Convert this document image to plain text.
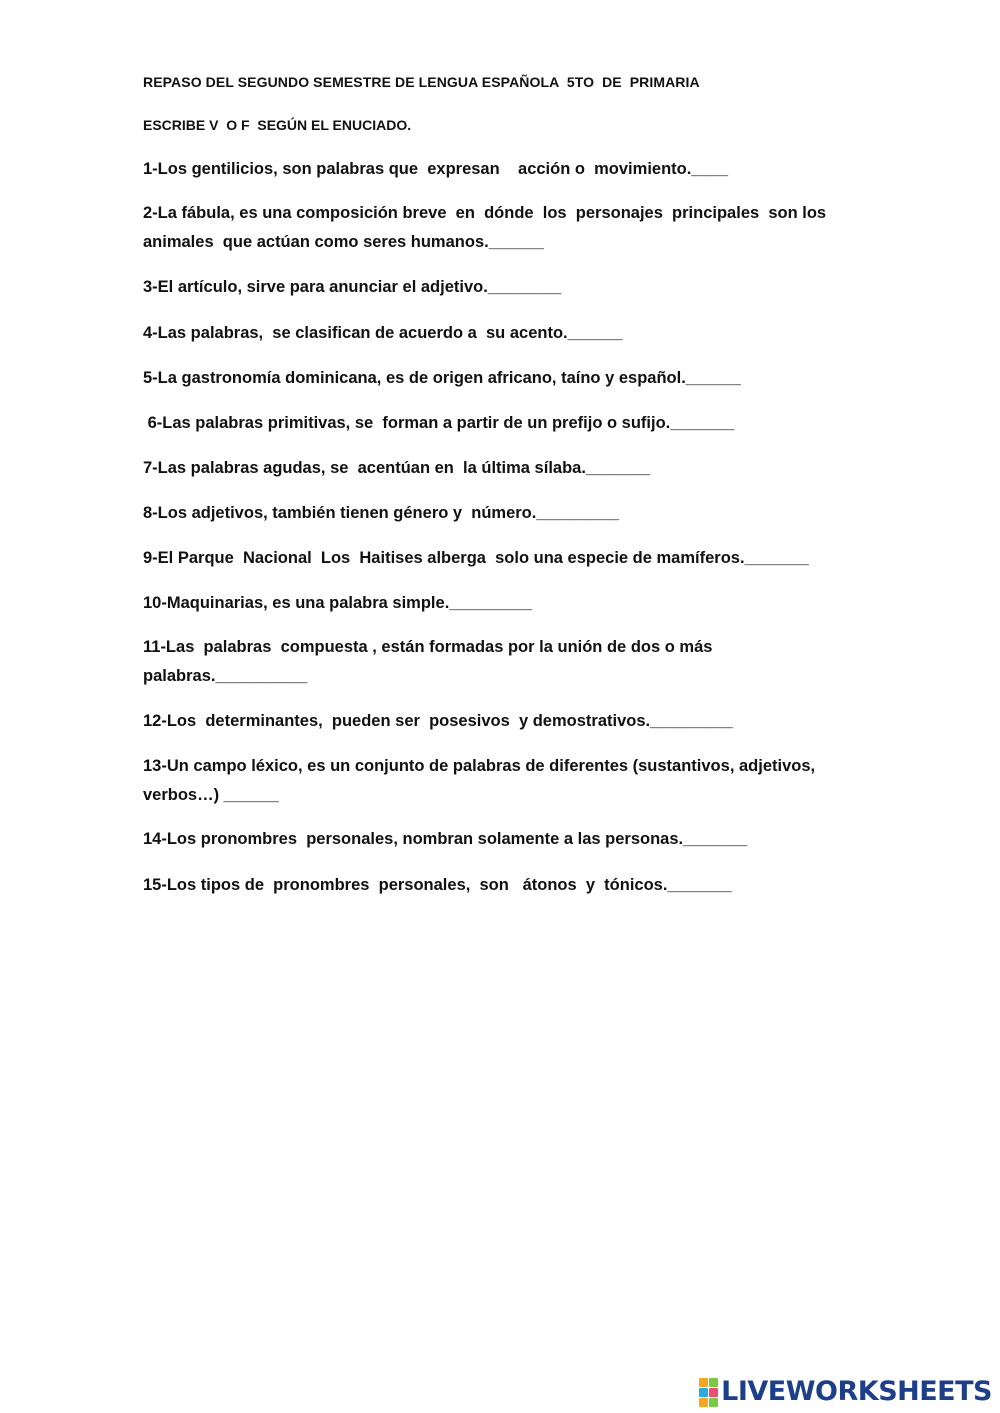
REPASO DEL SEGUNDO SEMESTRE DE LENGUA ESPAÑOLA  5TO  DE  PRIMARIA

ESCRIBE V  O F  SEGÚN EL ENUCIADO.

1-Los gentilicios, son palabras que  expresan    acción o  movimiento.____

2-La fábula, es una composición breve  en  dónde  los  personajes  principales  son los
animales  que actúan como seres humanos.______

3-El artículo, sirve para anunciar el adjetivo.________

4-Las palabras,  se clasifican de acuerdo a  su acento.______

5-La gastronomía dominicana, es de origen africano, taíno y español.______

6-Las palabras primitivas, se  forman a partir de un prefijo o sufijo._______

7-Las palabras agudas, se  acentúan en  la última sílaba._______

8-Los adjetivos, también tienen género y  número._________

9-El Parque  Nacional  Los  Haitises alberga  solo una especie de mamíferos._______

10-Maquinarias, es una palabra simple._________

11-Las  palabras  compuesta , están formadas por la unión de dos o más
palabras.__________

12-Los  determinantes,  pueden ser  posesivos  y demostrativos._________

13-Un campo léxico, es un conjunto de palabras de diferentes (sustantivos, adjetivos,
verbos…) ______

14-Los pronombres  personales, nombran solamente a las personas._______

15-Los tipos de  pronombres  personales,  son   átonos  y  tónicos._______

LIVEWORKSHEETS
